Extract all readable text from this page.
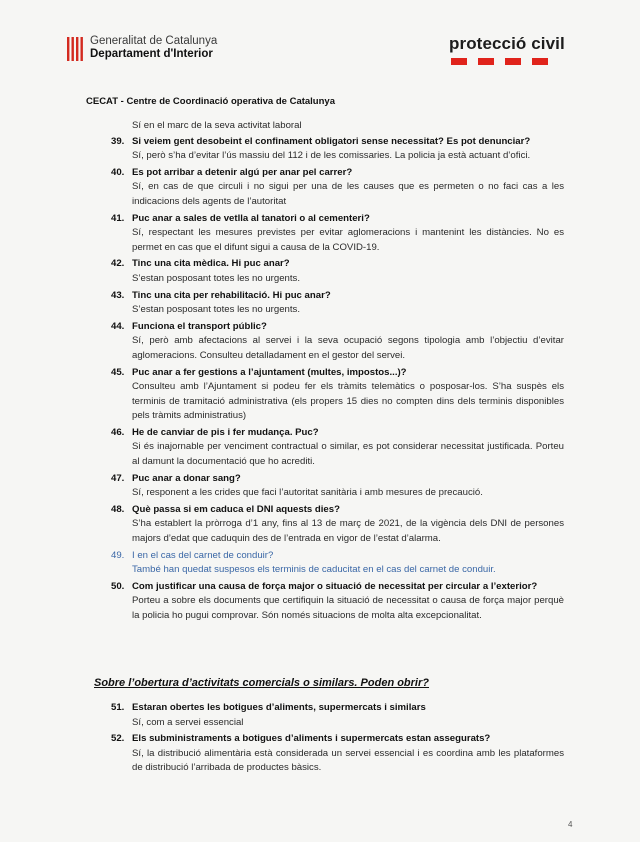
Generalitat de Catalunya
Departament d'Interior
protecció civil
CECAT - Centre de Coordinació operativa de Catalunya
Sí en el marc de la seva activitat laboral
39. Si veiem gent desobeint el confinament obligatori sense necessitat? Es pot denunciar?
Sí, però s’ha d’evitar l’ús massiu del 112 i de les comissaries. La policia ja està actuant d’ofici.
40. Es pot arribar a detenir algú per anar pel carrer?
Sí, en cas de que circuli i no sigui per una de les causes que es permeten o no faci cas a les indicacions dels agents de l’autoritat
41. Puc anar a sales de vetlla al tanatori o al cementeri?
Sí, respectant les mesures previstes per evitar aglomeracions i mantenint les distàncies. No es permet en cas que el difunt sigui a causa de la COVID-19.
42. Tinc una cita mèdica. Hi puc anar?
S’estan posposant totes les no urgents.
43. Tinc una cita per rehabilitació. Hi puc anar?
S’estan posposant totes les no urgents.
44. Funciona el transport públic?
Sí, però amb afectacions al servei i la seva ocupació segons tipologia amb l’objectiu d’evitar aglomeracions. Consulteu detalladament en el gestor del servei.
45. Puc anar a fer gestions a l’ajuntament (multes, impostos...)?
Consulteu amb l’Ajuntament si podeu fer els tràmits telemàtics o posposar-los. S’ha suspès els terminis de tramitació administrativa (els propers 15 dies no compten dins dels terminis disponibles pels tràmits administratius)
46. He de canviar de pis i fer mudança. Puc?
Si és inajornable per venciment contractual o similar, es pot considerar necessitat justificada. Porteu al damunt la documentació que ho acrediti.
47. Puc anar a donar sang?
Sí, responent a les crides que faci l’autoritat sanitària i amb mesures de precaució.
48. Què passa si em caduca el DNI aquests dies?
S’ha establert la pròrroga d’1 any, fins al 13 de març de 2021, de la vigència dels DNI de persones majors d’edat que caduquin des de l’entrada en vigor de l’estat d’alarma.
49. I en el cas del carnet de conduir?
També han quedat suspesos els terminis de caducitat en el cas del carnet de conduir.
50. Com justificar una causa de força major o situació de necessitat per circular a l’exterior?
Porteu a sobre els documents que certifiquin la situació de necessitat o causa de força major perquè la policia ho pugui comprovar. Són només situacions de molta alta excepcionalitat.
Sobre l’obertura d’activitats comercials o similars. Poden obrir?
51. Estaran obertes les botigues d’aliments, supermercats i similars
Sí, com a servei essencial
52. Els subministraments a botigues d’aliments i supermercats estan assegurats?
Sí, la distribució alimentària està considerada un servei essencial i es coordina amb les plataformes de distribució l’arribada de productes bàsics.
4
